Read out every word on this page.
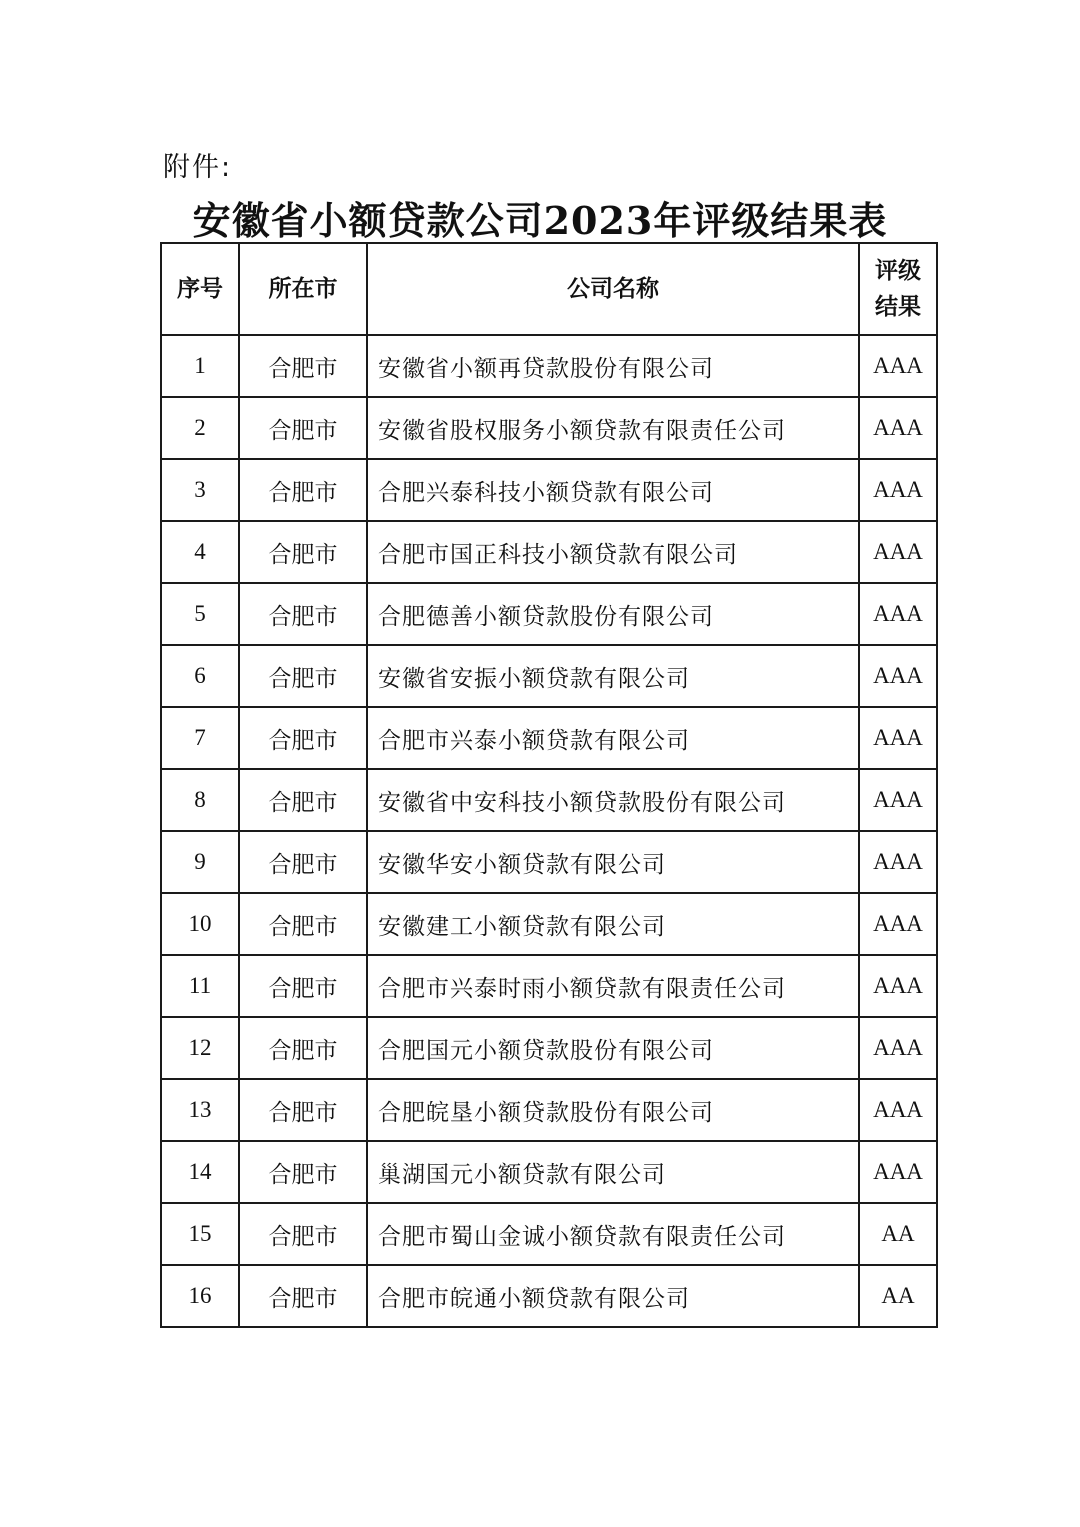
附件:
安徽省小额贷款公司2023年评级结果表
序号	所在市	公司名称	评级
结果

1	合肥市	安徽省小额再贷款股份有限公司	AAA
2	合肥市	安徽省股权服务小额贷款有限责任公司	AAA
3	合肥市	合肥兴泰科技小额贷款有限公司	AAA
4	合肥市	合肥市国正科技小额贷款有限公司	AAA
5	合肥市	合肥德善小额贷款股份有限公司	AAA
6	合肥市	安徽省安振小额贷款有限公司	AAA
7	合肥市	合肥市兴泰小额贷款有限公司	AAA
8	合肥市	安徽省中安科技小额贷款股份有限公司	AAA
9	合肥市	安徽华安小额贷款有限公司	AAA
10	合肥市	安徽建工小额贷款有限公司	AAA
11	合肥市	合肥市兴泰时雨小额贷款有限责任公司	AAA
12	合肥市	合肥国元小额贷款股份有限公司	AAA
13	合肥市	合肥皖垦小额贷款股份有限公司	AAA
14	合肥市	巢湖国元小额贷款有限公司	AAA
15	合肥市	合肥市蜀山金诚小额贷款有限责任公司	AA
16	合肥市	合肥市皖通小额贷款有限公司	AA
